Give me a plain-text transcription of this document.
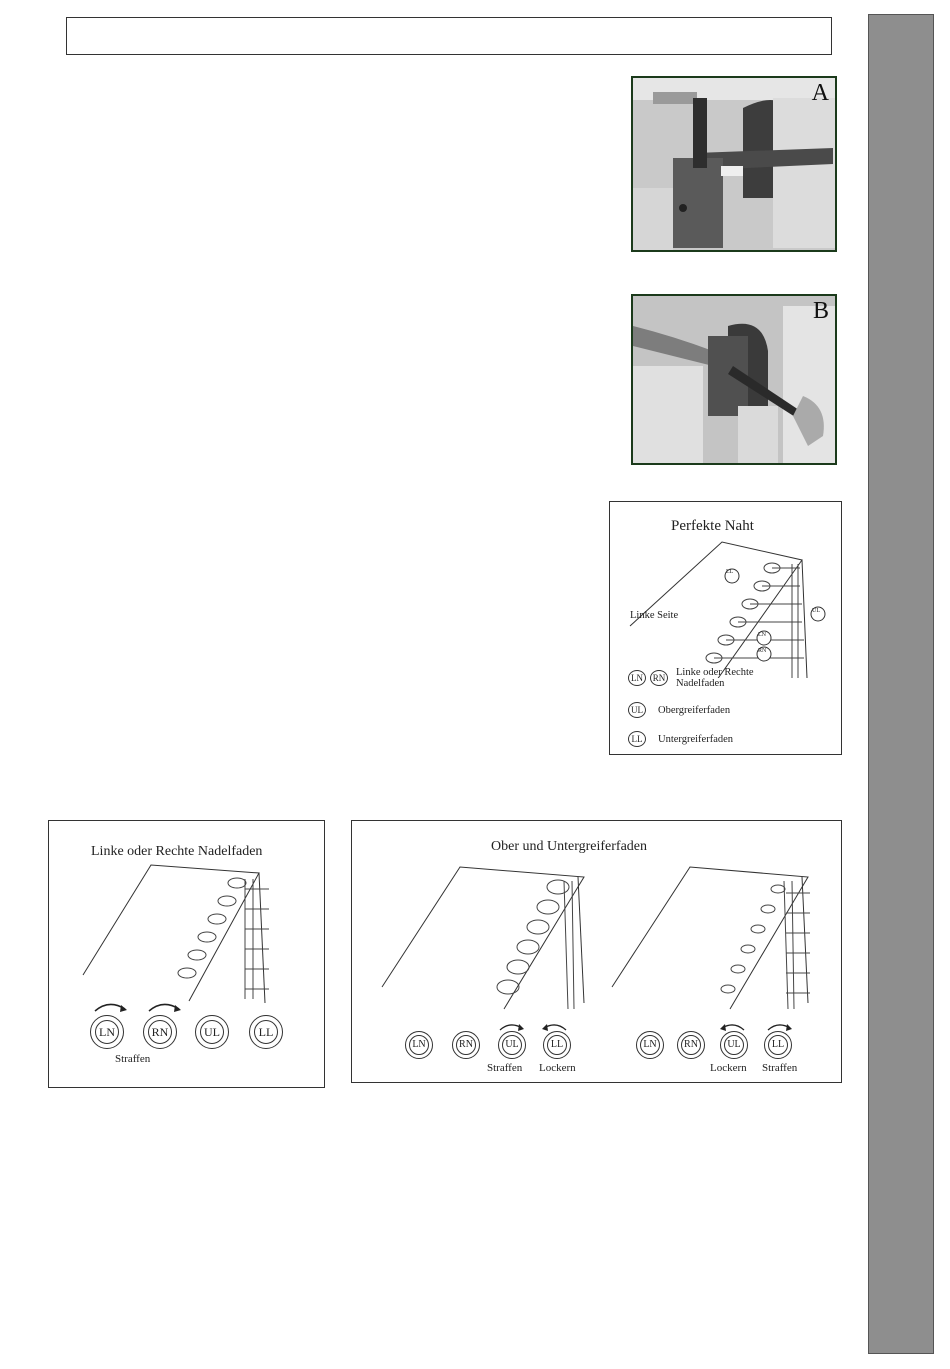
A
B
Perfekte Naht
LL
UL
LN
RN
Linke Seite
LN	RN Linke oder Rechte Nadelfaden
UL Obergreiferfaden
LL	Untergreiferfaden
Linke oder Rechte Nadelfaden
LN	RN	UL	LL
Straffen
Ober und Untergreiferfaden
LN	RN	UL	LL
Straffen Lockern
LN	RN	UL	LL
Lockern Straffen
